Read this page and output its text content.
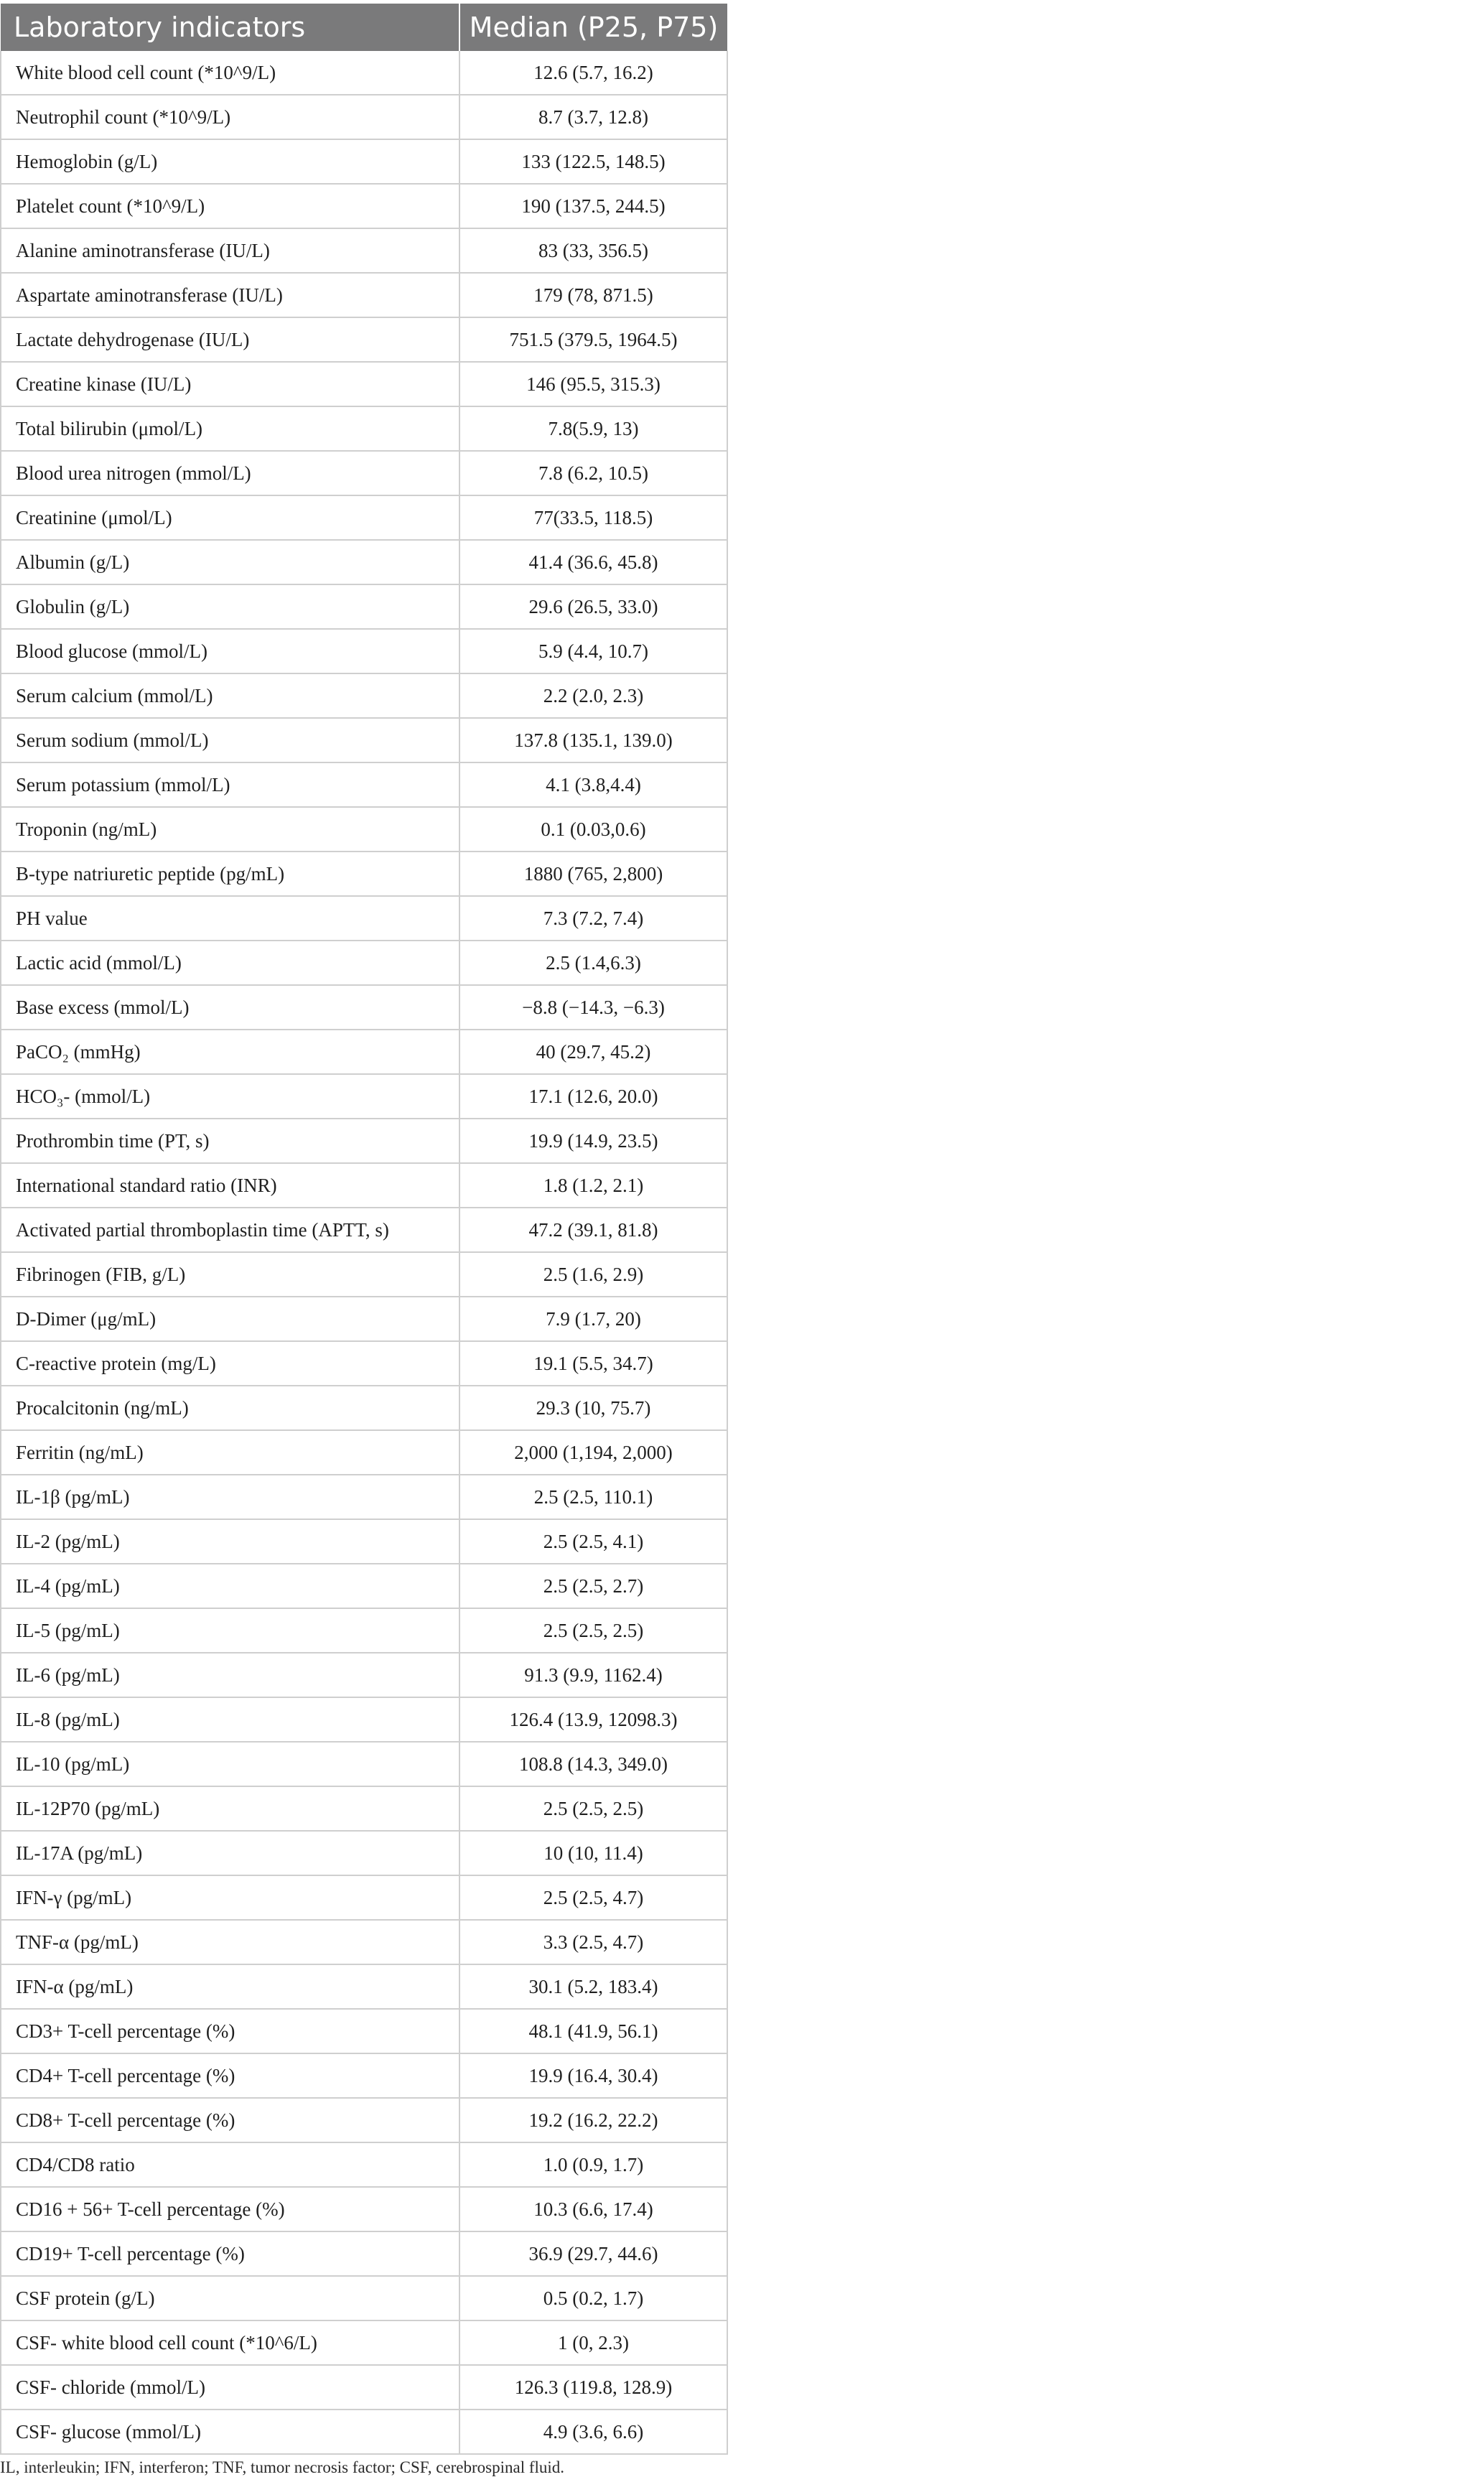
Laboratory indicators	Median (P25, P75)
White blood cell count (*10^9/L)	12.6 (5.7, 16.2)
Neutrophil count (*10^9/L)	8.7 (3.7, 12.8)
Hemoglobin (g/L)	133 (122.5, 148.5)
Platelet count (*10^9/L)	190 (137.5, 244.5)
Alanine aminotransferase (IU/L)	83 (33, 356.5)
Aspartate aminotransferase (IU/L)	179 (78, 871.5)
Lactate dehydrogenase (IU/L)	751.5 (379.5, 1964.5)
Creatine kinase (IU/L)	146 (95.5, 315.3)
Total bilirubin (μmol/L)	7.8(5.9, 13)
Blood urea nitrogen (mmol/L)	7.8 (6.2, 10.5)
Creatinine (μmol/L)	77(33.5, 118.5)
Albumin (g/L)	41.4 (36.6, 45.8)
Globulin (g/L)	29.6 (26.5, 33.0)
Blood glucose (mmol/L)	5.9 (4.4, 10.7)
Serum calcium (mmol/L)	2.2 (2.0, 2.3)
Serum sodium (mmol/L)	137.8 (135.1, 139.0)
Serum potassium (mmol/L)	4.1 (3.8,4.4)
Troponin (ng/mL)	0.1 (0.03,0.6)
B-type natriuretic peptide (pg/mL)	1880 (765, 2,800)
PH value	7.3 (7.2, 7.4)
Lactic acid (mmol/L)	2.5 (1.4,6.3)
Base excess (mmol/L)	−8.8 (−14.3, −6.3)
PaCO₂ (mmHg)	40 (29.7, 45.2)
HCO₃- (mmol/L)	17.1 (12.6, 20.0)
Prothrombin time (PT, s)	19.9 (14.9, 23.5)
International standard ratio (INR)	1.8 (1.2, 2.1)
Activated partial thromboplastin time (APTT, s)	47.2 (39.1, 81.8)
Fibrinogen (FIB, g/L)	2.5 (1.6, 2.9)
D-Dimer (μg/mL)	7.9 (1.7, 20)
C-reactive protein (mg/L)	19.1 (5.5, 34.7)
Procalcitonin (ng/mL)	29.3 (10, 75.7)
Ferritin (ng/mL)	2,000 (1,194, 2,000)
IL-1β (pg/mL)	2.5 (2.5, 110.1)
IL-2 (pg/mL)	2.5 (2.5, 4.1)
IL-4 (pg/mL)	2.5 (2.5, 2.7)
IL-5 (pg/mL)	2.5 (2.5, 2.5)
IL-6 (pg/mL)	91.3 (9.9, 1162.4)
IL-8 (pg/mL)	126.4 (13.9, 12098.3)
IL-10 (pg/mL)	108.8 (14.3, 349.0)
IL-12P70 (pg/mL)	2.5 (2.5, 2.5)
IL-17A (pg/mL)	10 (10, 11.4)
IFN-γ (pg/mL)	2.5 (2.5, 4.7)
TNF-α (pg/mL)	3.3 (2.5, 4.7)
IFN-α (pg/mL)	30.1 (5.2, 183.4)
CD3+ T-cell percentage (%)	48.1 (41.9, 56.1)
CD4+ T-cell percentage (%)	19.9 (16.4, 30.4)
CD8+ T-cell percentage (%)	19.2 (16.2, 22.2)
CD4/CD8 ratio	1.0 (0.9, 1.7)
CD16 + 56+ T-cell percentage (%)	10.3 (6.6, 17.4)
CD19+ T-cell percentage (%)	36.9 (29.7, 44.6)
CSF protein (g/L)	0.5 (0.2, 1.7)
CSF- white blood cell count (*10^6/L)	1 (0, 2.3)
CSF- chloride (mmol/L)	126.3 (119.8, 128.9)
CSF- glucose (mmol/L)	4.9 (3.6, 6.6)
IL, interleukin; IFN, interferon; TNF, tumor necrosis factor; CSF, cerebrospinal fluid.
